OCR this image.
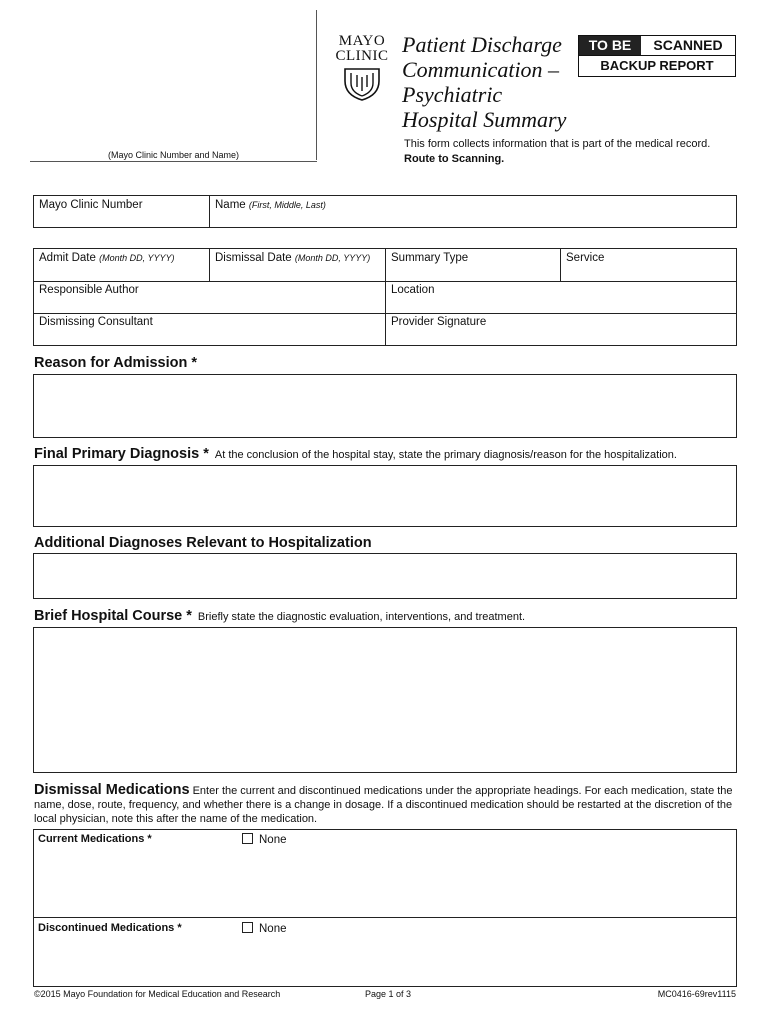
(Mayo Clinic Number and Name)
MAYO
CLINIC Patient Discharge
Communication –
Psychiatric
Hospital Summary
TO BE	SCANNED
BACKUP REPORT
This form collects information that is part of the medical record.
Route to Scanning.
Mayo Clinic Number	Name (First, Middle, Last)
Admit Date (Month DD, YYYY)	Dismissal Date (Month DD, YYYY)	Summary Type	Service
Responsible Author	Location
Dismissing Consultant	Provider Signature
Reason for Admission *
Final Primary Diagnosis * At the conclusion of the hospital stay, state the primary diagnosis/reason for the hospitalization.
Additional Diagnoses Relevant to Hospitalization
Brief Hospital Course * Briefly state the diagnostic evaluation, interventions, and treatment.
Dismissal Medications Enter the current and discontinued medications under the appropriate headings. For each medication, state the name, dose, route, frequency, and whether there is a change in dosage. If a discontinued medication should be restarted at the discretion of the local physician, note this after the name of the medication.
Current Medications *	None
Discontinued Medications *	None
©2015 Mayo Foundation for Medical Education and Research	Page 1 of 3	MC0416-69rev1115
